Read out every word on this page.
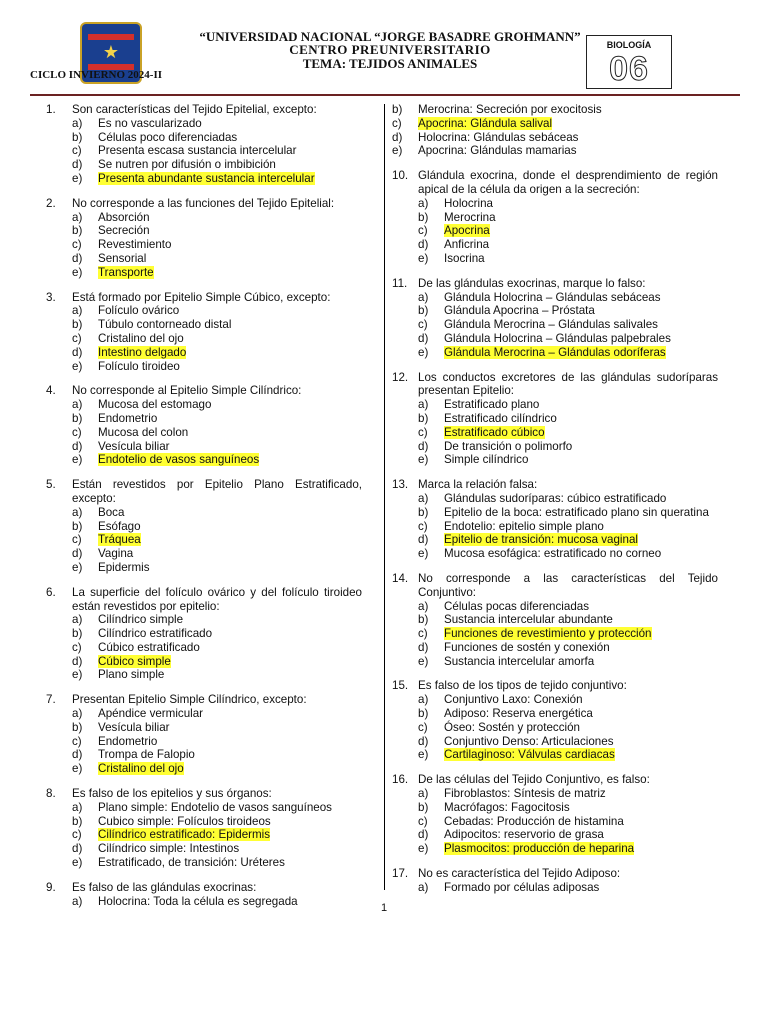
★
“UNIVERSIDAD NACIONAL “JORGE BASADRE GROHMANN”
CENTRO PREUNIVERSITARIO
TEMA: TEJIDOS ANIMALES
CICLO INVIERNO 2024-II
BIOLOGÍA
06
1. Son características del Tejido Epitelial, excepto:
a) Es no vascularizado
b) Células poco diferenciadas
c) Presenta escasa sustancia intercelular
d) Se nutren por difusión o imbibición
e) Presenta abundante sustancia intercelular
2. No corresponde a las funciones del Tejido Epitelial:
a) Absorción
b) Secreción
c) Revestimiento
d) Sensorial
e) Transporte
3. Está formado por Epitelio Simple Cúbico, excepto:
a) Folículo ovárico
b) Túbulo contorneado distal
c) Cristalino del ojo
d) Intestino delgado
e) Folículo tiroideo
4. No corresponde al Epitelio Simple Cilíndrico:
a) Mucosa del estomago
b) Endometrio
c) Mucosa del colon
d) Vesícula biliar
e) Endotelio de vasos sanguíneos
5. Están revestidos por Epitelio Plano Estratificado, excepto:
a) Boca
b) Esófago
c) Tráquea
d) Vagina
e) Epidermis
6. La superficie del folículo ovárico y del folículo tiroideo están revestidos por epitelio:
a) Cilíndrico simple
b) Cilíndrico estratificado
c) Cúbico estratificado
d) Cúbico simple
e) Plano simple
7. Presentan Epitelio Simple Cilíndrico, excepto:
a) Apéndice vermicular
b) Vesícula biliar
c) Endometrio
d) Trompa de Falopio
e) Cristalino del ojo
8. Es falso de los epitelios y sus órganos:
a) Plano simple: Endotelio de vasos sanguíneos
b) Cubico simple: Folículos tiroideos
c) Cilíndrico estratificado: Epidermis
d) Cilíndrico simple: Intestinos
e) Estratificado, de transición: Uréteres
9. Es falso de las glándulas exocrinas:
a) Holocrina: Toda la célula es segregada
b) Merocrina: Secreción por exocitosis
c) Apocrina: Glándula salival
d) Holocrina: Glándulas sebáceas
e) Apocrina: Glándulas mamarias
10. Glándula exocrina, donde el desprendimiento de región apical de la célula da origen a la secreción:
a) Holocrina
b) Merocrina
c) Apocrina
d) Anficrina
e) Isocrina
11. De las glándulas exocrinas, marque lo falso:
a) Glándula Holocrina – Glándulas sebáceas
b) Glándula Apocrina – Próstata
c) Glándula Merocrina – Glándulas salivales
d) Glándula Holocrina – Glándulas palpebrales
e) Glándula Merocrina – Glándulas odoríferas
12. Los conductos excretores de las glándulas sudoríparas presentan Epitelio:
a) Estratificado plano
b) Estratificado cilíndrico
c) Estratificado cúbico
d) De transición o polimorfo
e) Simple cilíndrico
13. Marca la relación falsa:
a) Glándulas sudoríparas: cúbico estratificado
b) Epitelio de la boca: estratificado plano sin queratina
c) Endotelio: epitelio simple plano
d) Epitelio de transición: mucosa vaginal
e) Mucosa esofágica: estratificado no corneo
14. No corresponde a las características del Tejido Conjuntivo:
a) Células pocas diferenciadas
b) Sustancia intercelular abundante
c) Funciones de revestimiento y protección
d) Funciones de sostén y conexión
e) Sustancia intercelular amorfa
15. Es falso de los tipos de tejido conjuntivo:
a) Conjuntivo Laxo: Conexión
b) Adiposo: Reserva energética
c) Óseo: Sostén y protección
d) Conjuntivo Denso: Articulaciones
e) Cartilaginoso: Válvulas cardiacas
16. De las células del Tejido Conjuntivo, es falso:
a) Fibroblastos: Síntesis de matriz
b) Macrófagos: Fagocitosis
c) Cebadas: Producción de histamina
d) Adipocitos: reservorio de grasa
e) Plasmocitos: producción de heparina
17. No es característica del Tejido Adiposo:
a) Formado por células adiposas
1
